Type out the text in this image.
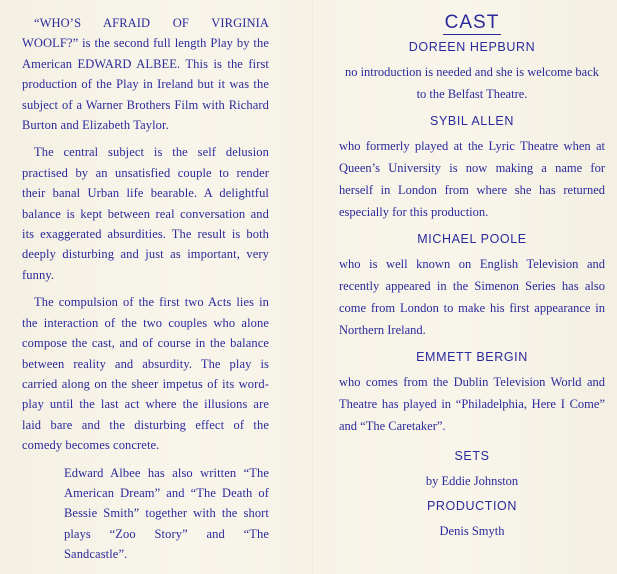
“WHO’S AFRAID OF VIRGINIA WOOLF?” is the second full length Play by the American EDWARD ALBEE. This is the first production of the Play in Ireland but it was the subject of a Warner Brothers Film with Richard Burton and Elizabeth Taylor.

The central subject is the self delusion practised by an unsatisfied couple to render their banal Urban life bearable. A delightful balance is kept between real conversation and its exaggerated absurdities. The result is both deeply disturbing and just as important, very funny.

The compulsion of the first two Acts lies in the interaction of the two couples who alone compose the cast, and of course in the balance between reality and absurdity. The play is carried along on the sheer impetus of its word-play until the last act where the illusions are laid bare and the disturbing effect of the comedy becomes concrete.

Edward Albee has also written “The American Dream” and “The Death of Bessie Smith” together with the short plays “Zoo Story” and “The Sandcastle”.

CAST
DOREEN HEPBURN

no introduction is needed and she is welcome back to the Belfast Theatre.

SYBIL ALLEN

who formerly played at the Lyric Theatre when at Queen’s University is now making a name for herself in London from where she has returned especially for this production.

MICHAEL POOLE

who is well known on English Television and recently appeared in the Simenon Series has also come from London to make his first appearance in Northern Ireland.

EMMETT BERGIN

who comes from the Dublin Television World and Theatre has played in “Philadelphia, Here I Come” and “The Caretaker”.

SETS

by Eddie Johnston

PRODUCTION

Denis Smyth
